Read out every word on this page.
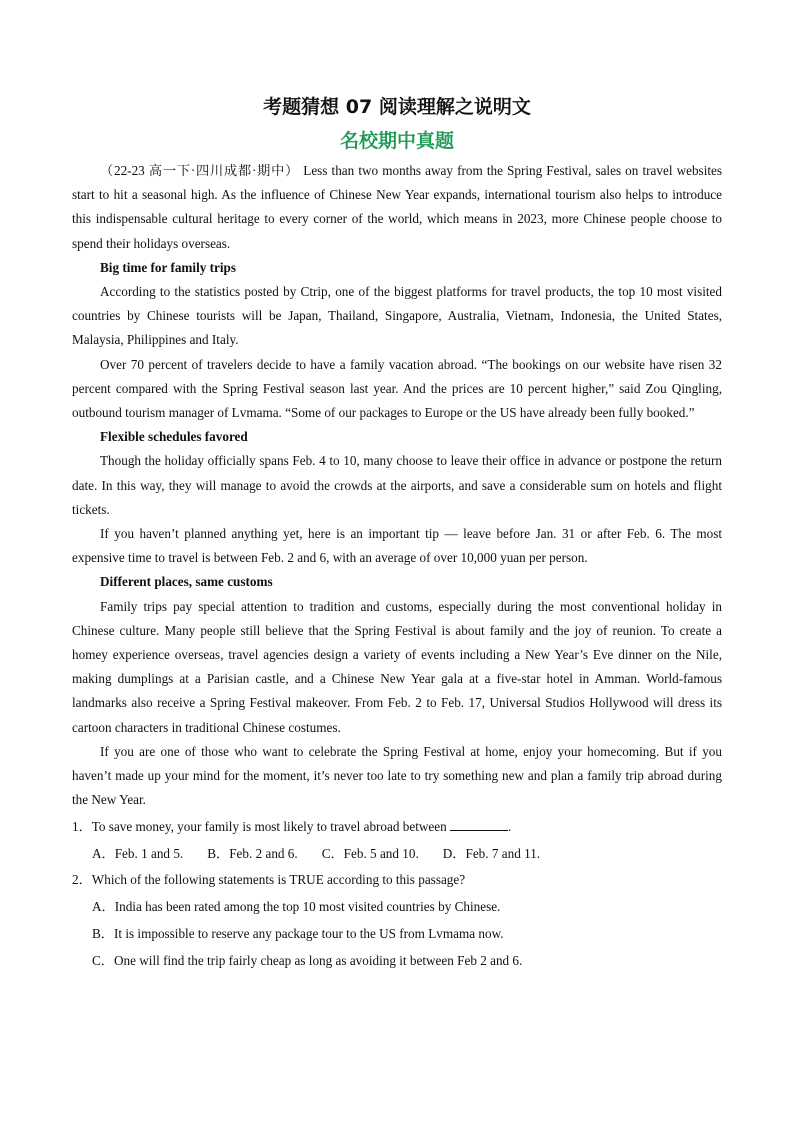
考题猜想 07 阅读理解之说明文
名校期中真题

（22-23 高一下·四川成都·期中） Less than two months away from the Spring Festival, sales on travel websites start to hit a seasonal high. As the influence of Chinese New Year expands, international tourism also helps to introduce this indispensable cultural heritage to every corner of the world, which means in 2023, more Chinese people choose to spend their holidays overseas.

Big time for family trips

According to the statistics posted by Ctrip, one of the biggest platforms for travel products, the top 10 most visited countries by Chinese tourists will be Japan, Thailand, Singapore, Australia, Vietnam, Indonesia, the United States, Malaysia, Philippines and Italy.

Over 70 percent of travelers decide to have a family vacation abroad. “The bookings on our website have risen 32 percent compared with the Spring Festival season last year. And the prices are 10 percent higher,” said Zou Qingling, outbound tourism manager of Lvmama. “Some of our packages to Europe or the US have already been fully booked.”

Flexible schedules favored

Though the holiday officially spans Feb. 4 to 10, many choose to leave their office in advance or postpone the return date. In this way, they will manage to avoid the crowds at the airports, and save a considerable sum on hotels and flight tickets.

If you haven’t planned anything yet, here is an important tip — leave before Jan. 31 or after Feb. 6. The most expensive time to travel is between Feb. 2 and 6, with an average of over 10,000 yuan per person.

Different places, same customs

Family trips pay special attention to tradition and customs, especially during the most conventional holiday in Chinese culture. Many people still believe that the Spring Festival is about family and the joy of reunion. To create a homey experience overseas, travel agencies design a variety of events including a New Year’s Eve dinner on the Nile, making dumplings at a Parisian castle, and a Chinese New Year gala at a five-star hotel in Amman. World-famous landmarks also receive a Spring Festival makeover. From Feb. 2 to Feb. 17, Universal Studios Hollywood will dress its cartoon characters in traditional Chinese costumes.

If you are one of those who want to celebrate the Spring Festival at home, enjoy your homecoming. But if you haven’t made up your mind for the moment, it’s never too late to try something new and plan a family trip abroad during the New Year.

1．To save money, your family is most likely to travel abroad between	.
A．Feb. 1 and 5. B．Feb. 2 and 6. C．Feb. 5 and 10. D．Feb. 7 and 11.
2．Which of the following statements is TRUE according to this passage?
A．India has been rated among the top 10 most visited countries by Chinese.
B．It is impossible to reserve any package tour to the US from Lvmama now.
C．One will find the trip fairly cheap as long as avoiding it between Feb 2 and 6.
